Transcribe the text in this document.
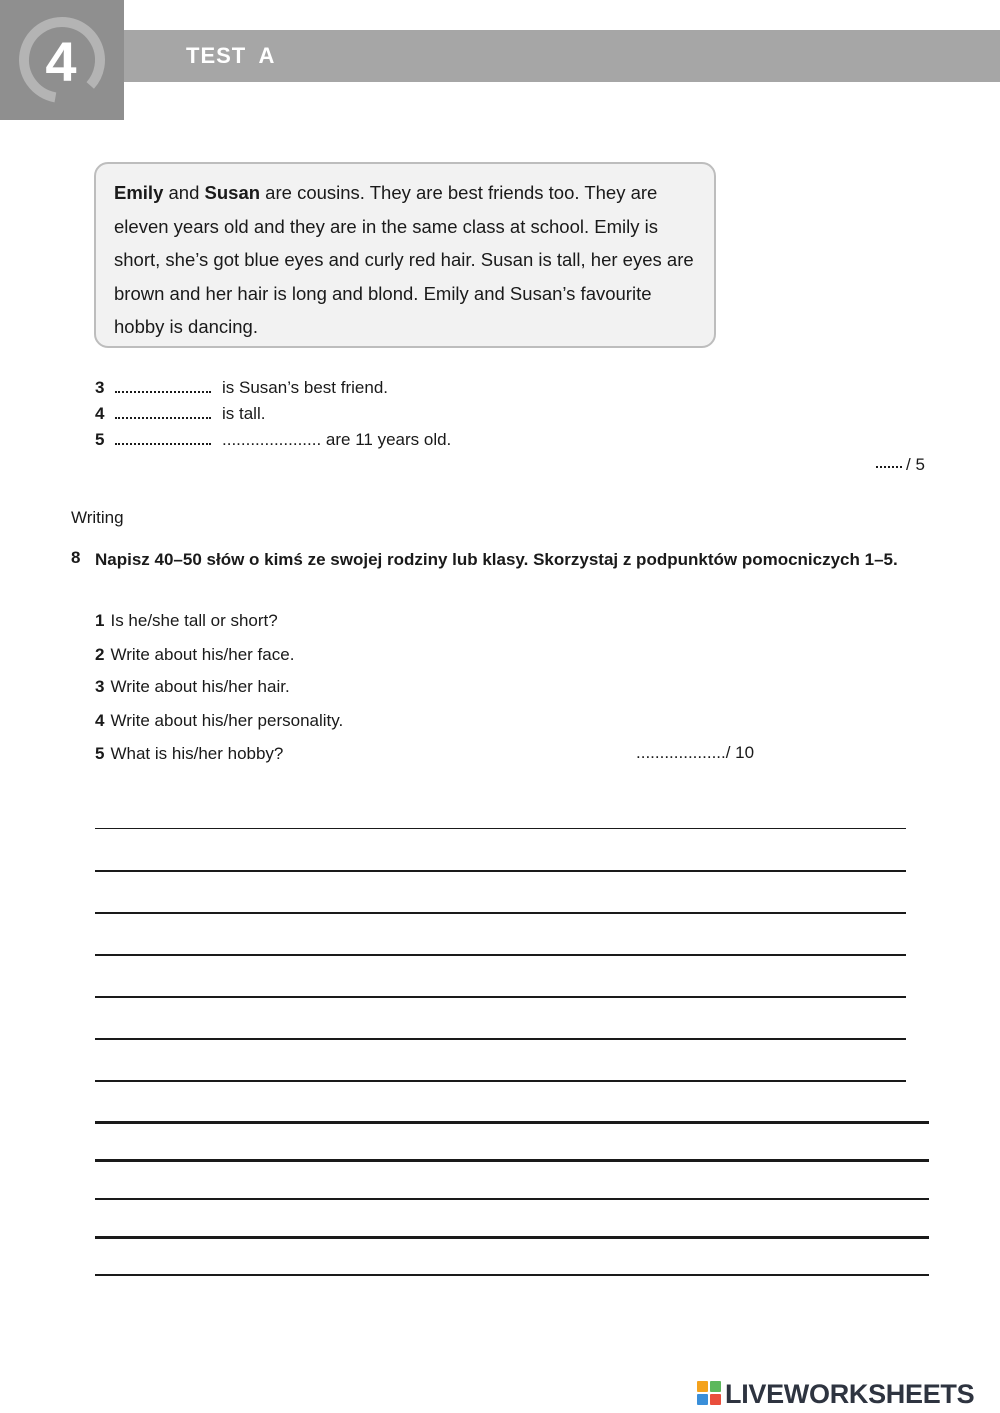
4	TEST A
Emily and Susan are cousins. They are best friends too. They are eleven years old and they are in the same class at school. Emily is short, she’s got blue eyes and curly red hair. Susan is tall, her eyes are brown and her hair is long and blond. Emily and Susan’s favourite hobby is dancing.
3	is Susan’s best friend.
4	is tall.
5	..................... are 11 years old.
/ 5
Writing
8 Napisz 40–50 słów o kimś ze swojej rodziny lub klasy. Skorzystaj z podpunktów pomocniczych 1–5.
1 Is he/she tall or short?
2 Write about his/her face.
3 Write about his/her hair.
4 Write about his/her personality.
5 What is his/her hobby?	.................../ 10
LIVEWORKSHEETS
